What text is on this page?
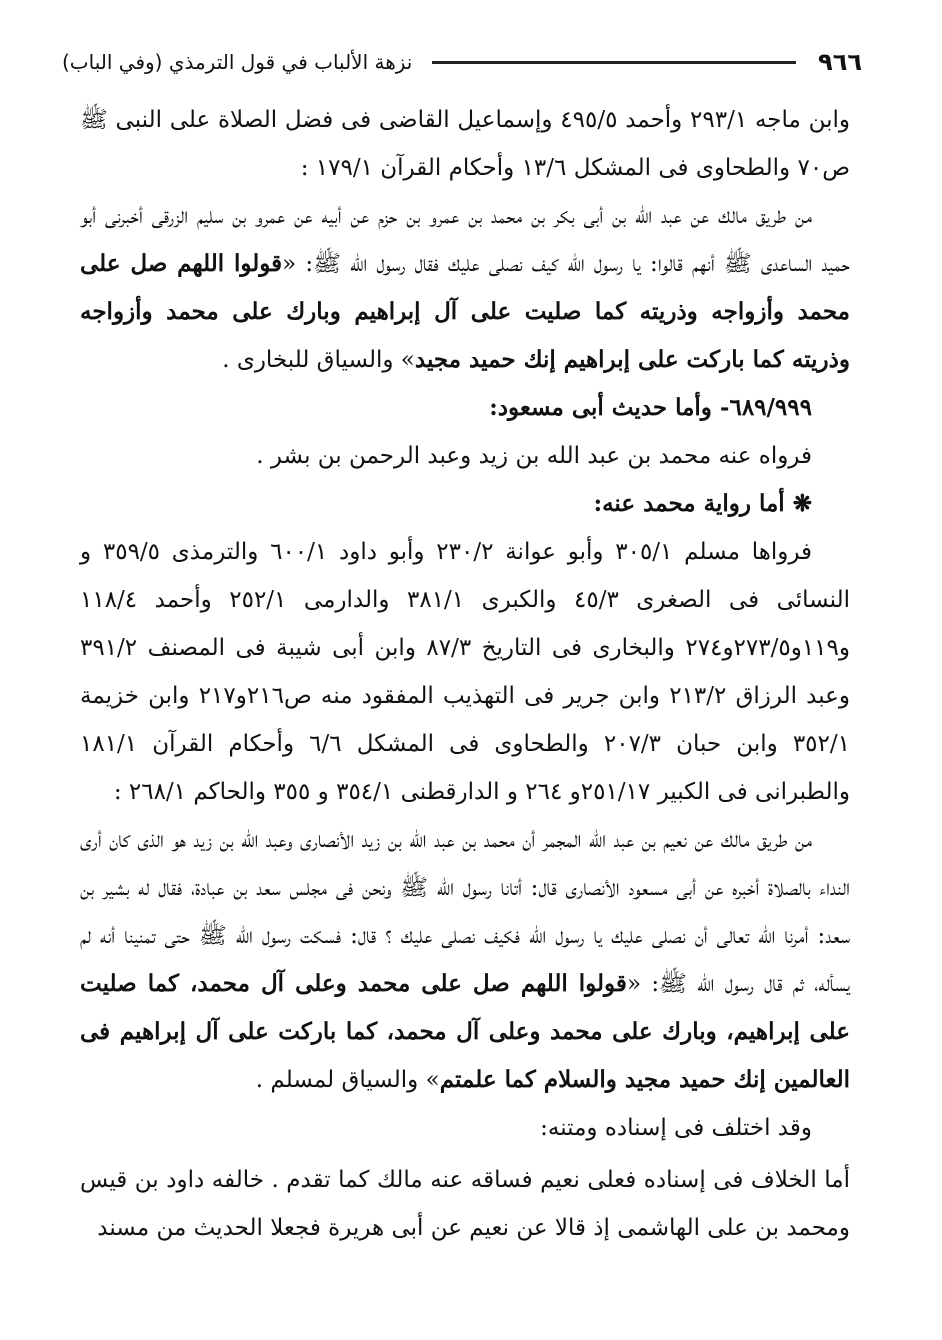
٩٦٦
نزهة الألباب في قول الترمذي (وفي الباب)

وابن ماجه ٢٩٣/١ وأحمد ٤٩٥/٥ وإسماعيل القاضى فى فضل الصلاة على النبى ﷺ ص٧٠ والطحاوى فى المشكل ١٣/٦ وأحكام القرآن ١٧٩/١ :

من طريق مالك عن عبد الله بن أبى بكر بن محمد بن عمرو بن حزم عن أبيه عن عمرو بن سليم الزرقى أخبرنى أبو حميد الساعدى ﷺ أنهم قالوا: يا رسول الله كيف نصلى عليك فقال رسول الله ﷺ: «قولوا اللهم صل على محمد وأزواجه وذريته كما صليت على آل إبراهيم وبارك على محمد وأزواجه وذريته كما باركت على إبراهيم إنك حميد مجيد» والسياق للبخارى .

٦٨٩/٩٩٩- وأما حديث أبى مسعود:

فرواه عنه محمد بن عبد الله بن زيد وعبد الرحمن بن بشر .

❋ أما رواية محمد عنه:

فرواها مسلم ٣٠٥/١ وأبو عوانة ٢٣٠/٢ وأبو داود ٦٠٠/١ والترمذى ٣٥٩/٥ و النسائى فى الصغرى ٤٥/٣ والكبرى ٣٨١/١ والدارمى ٢٥٢/١ وأحمد ١١٨/٤ و١١٩و٢٧٣/٥و٢٧٤ والبخارى فى التاريخ ٨٧/٣ وابن أبى شيبة فى المصنف ٣٩١/٢ وعبد الرزاق ٢١٣/٢ وابن جرير فى التهذيب المفقود منه ص٢١٦و٢١٧ وابن خزيمة ٣٥٢/١ وابن حبان ٢٠٧/٣ والطحاوى فى المشكل ٦/٦ وأحكام القرآن ١٨١/١ والطبرانى فى الكبير ٢٥١/١٧و ٢٦٤ و الدارقطنى ٣٥٤/١ و ٣٥٥ والحاكم ٢٦٨/١ :

من طريق مالك عن نعيم بن عبد الله المجمر أن محمد بن عبد الله بن زيد الأنصارى وعبد الله بن زيد هو الذى كان أرى النداء بالصلاة أخبره عن أبى مسعود الأنصارى قال: أتانا رسول الله ﷺ ونحن فى مجلس سعد بن عبادة، فقال له بشير بن سعد: أمرنا الله تعالى أن نصلى عليك يا رسول الله فكيف نصلى عليك ؟ قال: فسكت رسول الله ﷺ حتى تمنينا أنه لم يسأله، ثم قال رسول الله ﷺ: «قولوا اللهم صل على محمد وعلى آل محمد، كما صليت على إبراهيم، وبارك على محمد وعلى آل محمد، كما باركت على آل إبراهيم فى العالمين إنك حميد مجيد والسلام كما علمتم» والسياق لمسلم .

وقد اختلف فى إسناده ومتنه:

أما الخلاف فى إسناده فعلى نعيم فساقه عنه مالك كما تقدم . خالفه داود بن قيس ومحمد بن على الهاشمى إذ قالا عن نعيم عن أبى هريرة فجعلا الحديث من مسند
